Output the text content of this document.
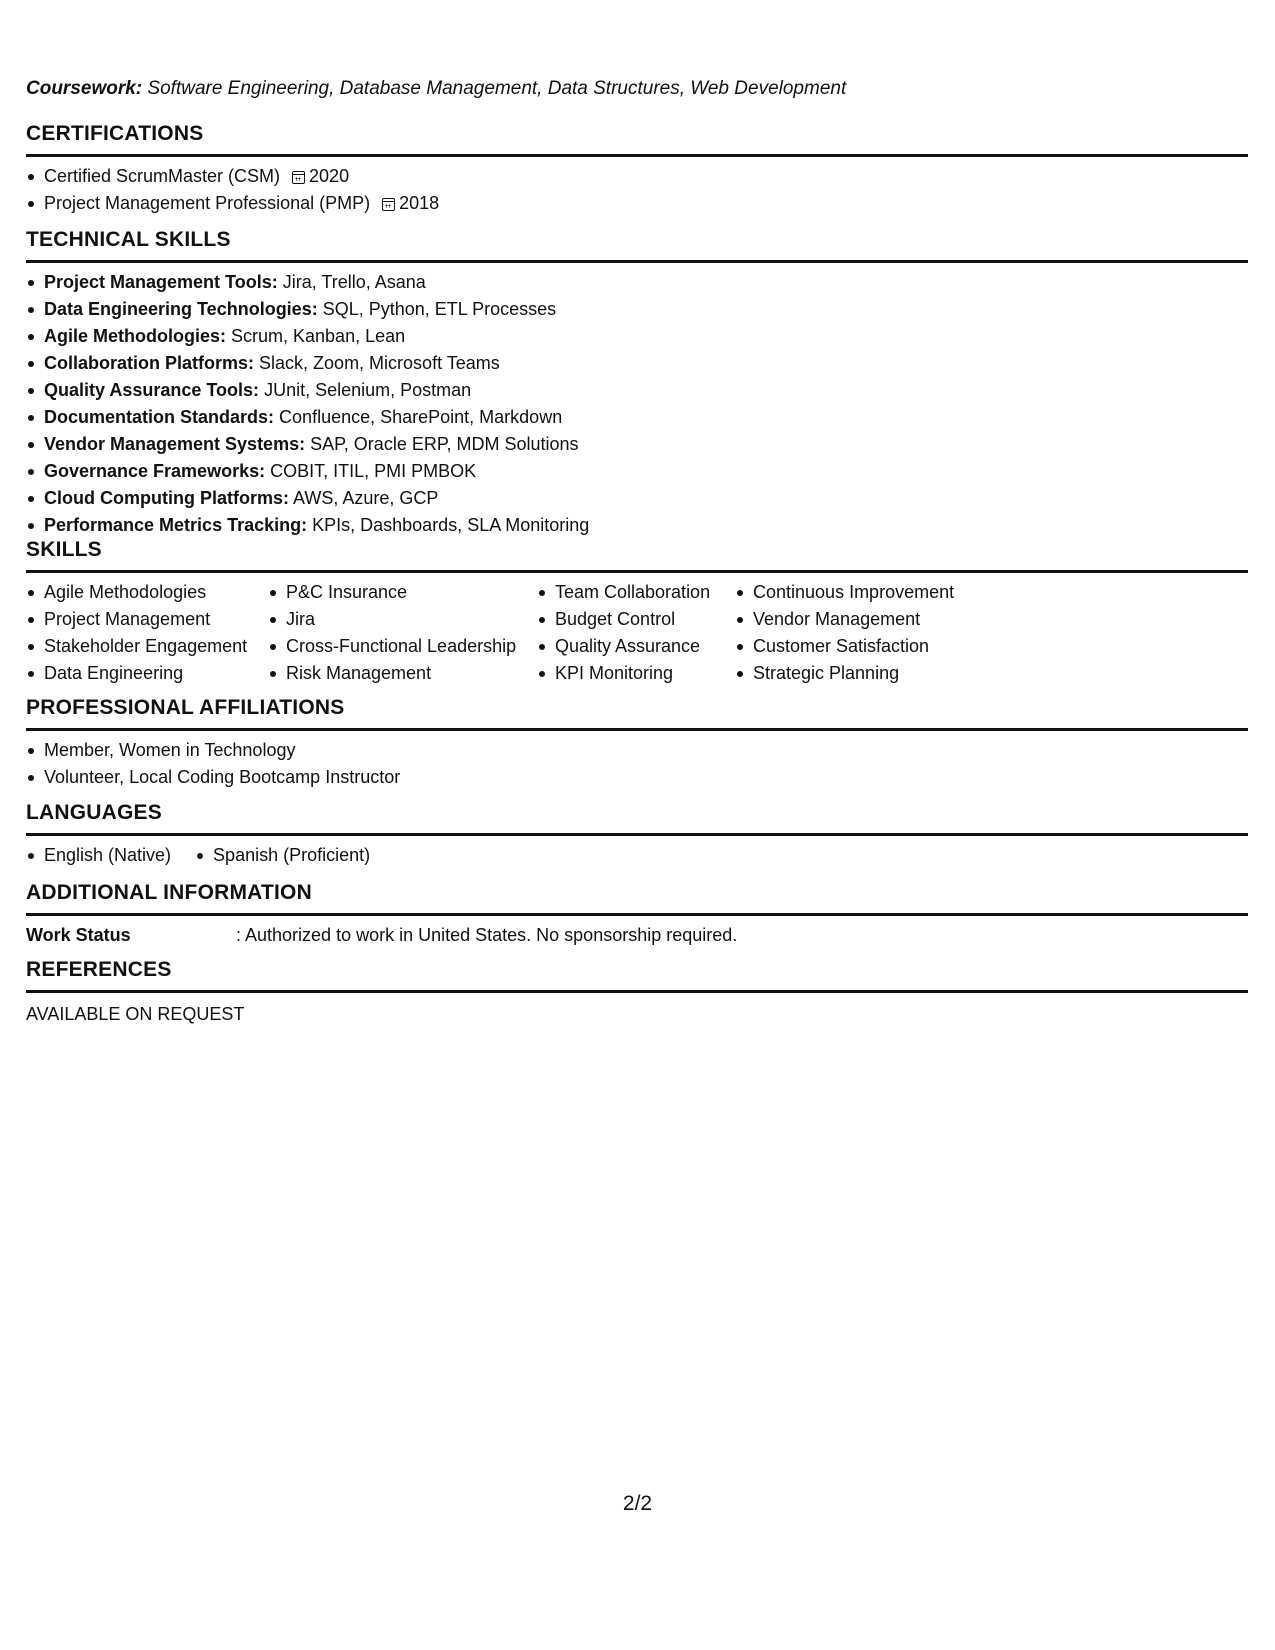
Coursework: Software Engineering, Database Management, Data Structures, Web Development
CERTIFICATIONS
Certified ScrumMaster (CSM) 2020
Project Management Professional (PMP) 2018
TECHNICAL SKILLS
Project Management Tools: Jira, Trello, Asana
Data Engineering Technologies: SQL, Python, ETL Processes
Agile Methodologies: Scrum, Kanban, Lean
Collaboration Platforms: Slack, Zoom, Microsoft Teams
Quality Assurance Tools: JUnit, Selenium, Postman
Documentation Standards: Confluence, SharePoint, Markdown
Vendor Management Systems: SAP, Oracle ERP, MDM Solutions
Governance Frameworks: COBIT, ITIL, PMI PMBOK
Cloud Computing Platforms: AWS, Azure, GCP
Performance Metrics Tracking: KPIs, Dashboards, SLA Monitoring
SKILLS
Agile Methodologies
Project Management
Stakeholder Engagement
Data Engineering
P&C Insurance
Jira
Cross-Functional Leadership
Risk Management
Team Collaboration
Budget Control
Quality Assurance
KPI Monitoring
Continuous Improvement
Vendor Management
Customer Satisfaction
Strategic Planning
PROFESSIONAL AFFILIATIONS
Member, Women in Technology
Volunteer, Local Coding Bootcamp Instructor
LANGUAGES
English (Native)	Spanish (Proficient)
ADDITIONAL INFORMATION
Work Status	: Authorized to work in United States. No sponsorship required.
REFERENCES
AVAILABLE ON REQUEST
2/2
